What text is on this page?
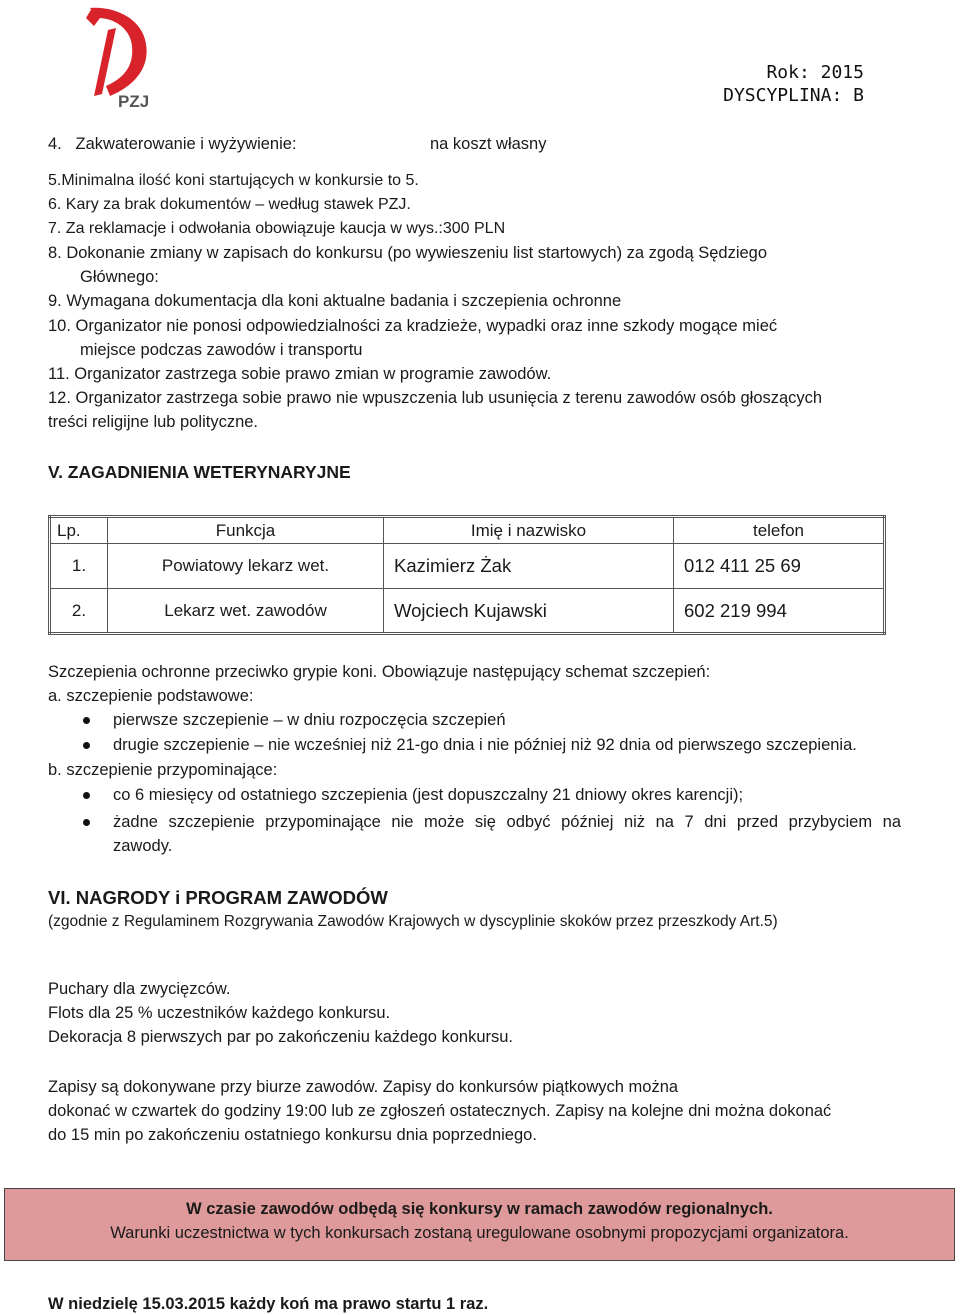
PZJ
Rok: 2015
DYSCYPLINA: B
4. Zakwaterowanie i wyżywienie:	na koszt własny
5.Minimalna ilość koni startujących w konkursie to 5.
6. Kary za brak dokumentów – według stawek PZJ.
7. Za reklamacje i odwołania obowiązuje kaucja w wys.:300 PLN
8. Dokonanie zmiany w zapisach do konkursu (po wywieszeniu list startowych) za zgodą Sędziego
Głównego:
9. Wymagana dokumentacja dla koni aktualne badania i szczepienia ochronne
10. Organizator nie ponosi odpowiedzialności za kradzieże, wypadki oraz inne szkody mogące mieć
miejsce podczas zawodów i transportu
11. Organizator zastrzega sobie prawo zmian w programie zawodów.
12. Organizator zastrzega sobie prawo nie wpuszczenia lub usunięcia z terenu zawodów osób głoszących
treści religijne lub polityczne.
V. ZAGADNIENIA WETERYNARYJNE
Lp.	Funkcja	Imię i nazwisko	telefon
1.	Powiatowy lekarz wet.	Kazimierz Żak	012 411 25 69
2.	Lekarz wet. zawodów	Wojciech Kujawski	602 219 994
Szczepienia ochronne przeciwko grypie koni. Obowiązuje następujący schemat szczepień:
a. szczepienie podstawowe:
pierwsze szczepienie – w dniu rozpoczęcia szczepień
drugie szczepienie – nie wcześniej niż 21-go dnia i nie później niż 92 dnia od pierwszego szczepienia.
b. szczepienie przypominające:
co 6 miesięcy od ostatniego szczepienia (jest dopuszczalny 21 dniowy okres karencji);
żadne szczepienie przypominające nie może się odbyć później niż na 7 dni przed przybyciem na
zawody.
VI. NAGRODY i PROGRAM ZAWODÓW
(zgodnie z Regulaminem Rozgrywania Zawodów Krajowych w dyscyplinie skoków przez przeszkody Art.5)
Puchary dla zwycięzców.
Flots dla 25 % uczestników każdego konkursu.
Dekoracja 8 pierwszych par po zakończeniu każdego konkursu.
Zapisy są dokonywane przy biurze zawodów. Zapisy do konkursów piątkowych można
dokonać w czwartek do godziny 19:00 lub ze zgłoszeń ostatecznych. Zapisy na kolejne dni można dokonać
do 15 min po zakończeniu ostatniego konkursu dnia poprzedniego.
W czasie zawodów odbędą się konkursy w ramach zawodów regionalnych.
Warunki uczestnictwa w tych konkursach zostaną uregulowane osobnymi propozycjami organizatora.
W niedzielę 15.03.2015 każdy koń ma prawo startu 1 raz.
